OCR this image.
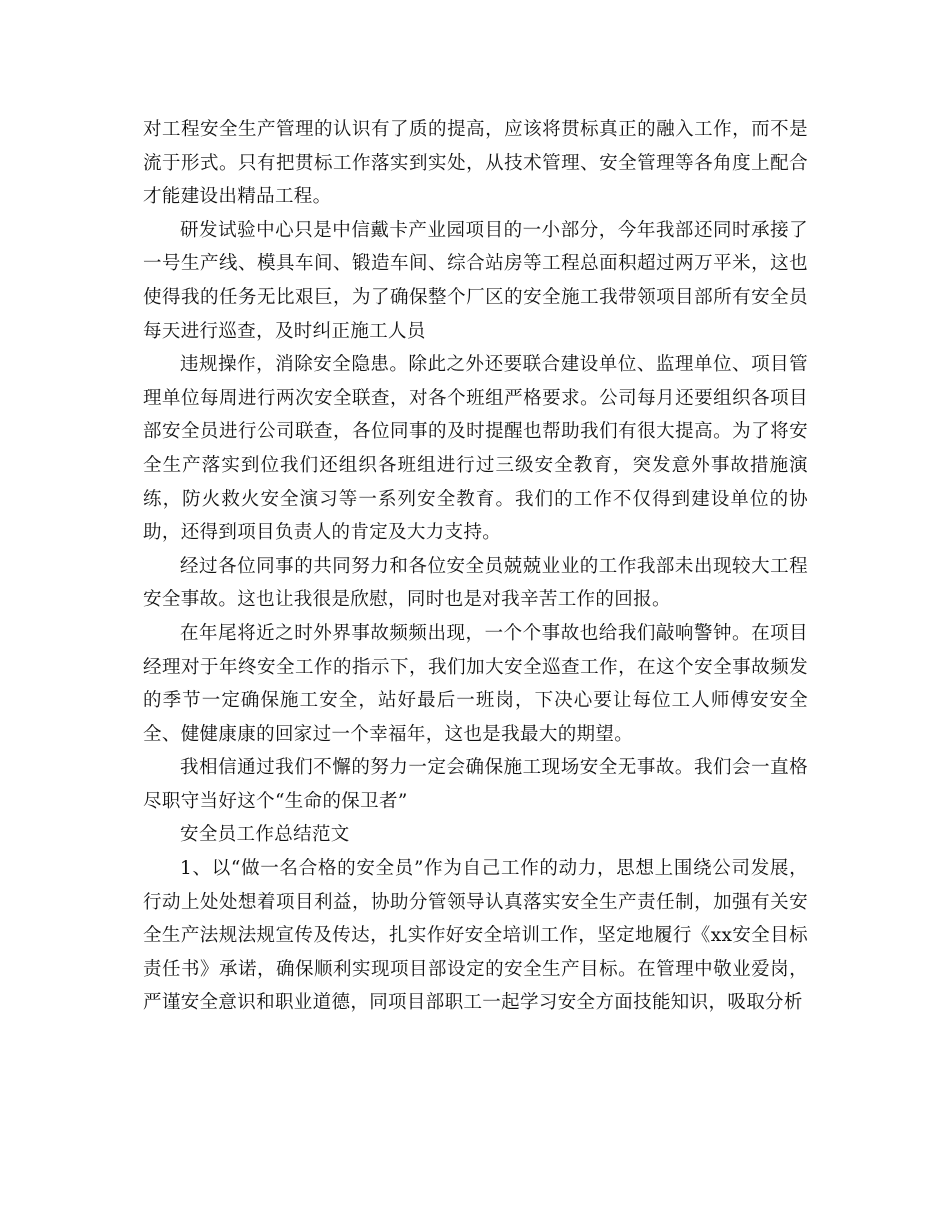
对工程安全生产管理的认识有了质的提高，应该将贯标真正的融入工作，而不是流于形式。只有把贯标工作落实到实处，从技术管理、安全管理等各角度上配合才能建设出精品工程。

研发试验中心只是中信戴卡产业园项目的一小部分，今年我部还同时承接了一号生产线、模具车间、锻造车间、综合站房等工程总面积超过两万平米，这也使得我的任务无比艰巨，为了确保整个厂区的安全施工我带领项目部所有安全员每天进行巡查，及时纠正施工人员

违规操作，消除安全隐患。除此之外还要联合建设单位、监理单位、项目管理单位每周进行两次安全联查，对各个班组严格要求。公司每月还要组织各项目部安全员进行公司联查，各位同事的及时提醒也帮助我们有很大提高。为了将安全生产落实到位我们还组织各班组进行过三级安全教育，突发意外事故措施演练，防火救火安全演习等一系列安全教育。我们的工作不仅得到建设单位的协助，还得到项目负责人的肯定及大力支持。

经过各位同事的共同努力和各位安全员兢兢业业的工作我部未出现较大工程安全事故。这也让我很是欣慰，同时也是对我辛苦工作的回报。

在年尾将近之时外界事故频频出现，一个个事故也给我们敲响警钟。在项目经理对于年终安全工作的指示下，我们加大安全巡查工作，在这个安全事故频发的季节一定确保施工安全，站好最后一班岗，下决心要让每位工人师傅安安全全、健健康康的回家过一个幸福年，这也是我最大的期望。

我相信通过我们不懈的努力一定会确保施工现场安全无事故。我们会一直格尽职守当好这个“生命的保卫者”

安全员工作总结范文

1、以“做一名合格的安全员”作为自己工作的动力，思想上围绕公司发展，行动上处处想着项目利益，协助分管领导认真落实安全生产责任制，加强有关安全生产法规法规宣传及传达，扎实作好安全培训工作，坚定地履行《xx安全目标责任书》承诺，确保顺利实现项目部设定的安全生产目标。在管理中敬业爱岗，严谨安全意识和职业道德，同项目部职工一起学习安全方面技能知识，吸取分析
